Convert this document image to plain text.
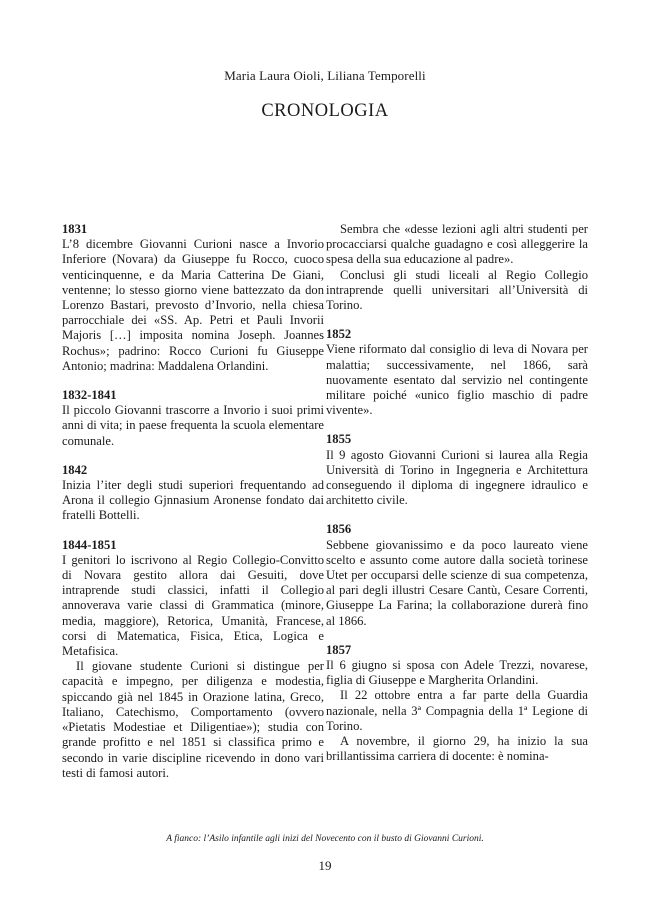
Maria Laura Oioli, Liliana Temporelli
CRONOLOGIA
1831

L’8 dicembre Giovanni Curioni nasce a Invorio Inferiore (Novara) da Giuseppe fu Rocco, cuoco venticinquenne, e da Maria Catterina De Giani, ventenne; lo stesso giorno viene battezzato da don Lorenzo Bastari, prevosto d’Invorio, nella chiesa parrocchiale dei «SS. Ap. Petri et Pauli Invorii Majoris […] imposita nomina Joseph. Joannes Rochus»; padrino: Rocco Curioni fu Giuseppe Antonio; madrina: Maddalena Orlandini.

1832-1841

Il piccolo Giovanni trascorre a Invorio i suoi primi anni di vita; in paese frequenta la scuola elementare comunale.

1842

Inizia l’iter degli studi superiori frequentando ad Arona il collegio Gjnnasium Aronense fondato dai fratelli Bottelli.

1844-1851

I genitori lo iscrivono al Regio Collegio-Convitto di Novara gestito allora dai Gesuiti, dove intraprende studi classici, infatti il Collegio annoverava varie classi di Grammatica (minore, media, maggiore), Retorica, Umanità, Francese, corsi di Matematica, Fisica, Etica, Logica e Metafisica.

Il giovane studente Curioni si distingue per capacità e impegno, per diligenza e modestia, spiccando già nel 1845 in Orazione latina, Greco, Italiano, Catechismo, Comportamento (ovvero «Pietatis Modestiae et Diligentiae»); studia con grande profitto e nel 1851 si classifica primo e secondo in varie discipline ricevendo in dono vari testi di famosi autori.

Sembra che «desse lezioni agli altri studenti per procacciarsi qualche guadagno e così alleggerire la spesa della sua educazione al padre».

Conclusi gli studi liceali al Regio Collegio intraprende quelli universitari all’Università di Torino.

1852

Viene riformato dal consiglio di leva di Novara per malattia; successivamente, nel 1866, sarà nuovamente esentato dal servizio nel contingente militare poiché «unico figlio maschio di padre vivente».

1855

Il 9 agosto Giovanni Curioni si laurea alla Regia Università di Torino in Ingegneria e Architettura conseguendo il diploma di ingegnere idraulico e architetto civile.

1856

Sebbene giovanissimo e da poco laureato viene scelto e assunto come autore dalla società torinese Utet per occuparsi delle scienze di sua competenza, al pari degli illustri Cesare Cantù, Cesare Correnti, Giuseppe La Farina; la collaborazione durerà fino al 1866.

1857

Il 6 giugno si sposa con Adele Trezzi, novarese, figlia di Giuseppe e Margherita Orlandini.

Il 22 ottobre entra a far parte della Guardia nazionale, nella 3ª Compagnia della 1ª Legione di Torino.

A novembre, il giorno 29, ha inizio la sua brillantissima carriera di docente: è nomina-

A fianco: l’Asilo infantile agli inizi del Novecento con il busto di Giovanni Curioni.
19
